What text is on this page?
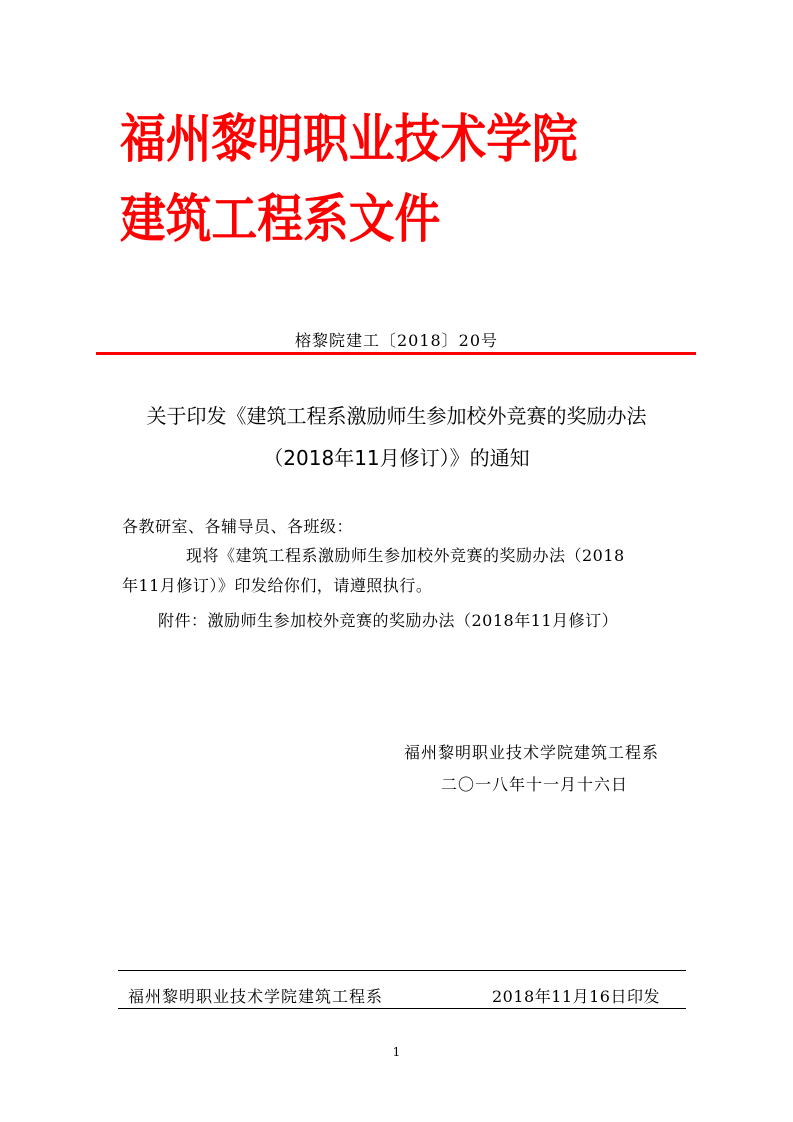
福州黎明职业技术学院建筑工程系文件
榕黎院建工〔2018〕20号
关于印发《建筑工程系激励师生参加校外竞赛的奖励办法
（2018年11月修订）》的通知
各教研室、各辅导员、各班级：
现将《建筑工程系激励师生参加校外竞赛的奖励办法（2018
年11月修订）》印发给你们，请遵照执行。
附件：激励师生参加校外竞赛的奖励办法（2018年11月修订）
福州黎明职业技术学院建筑工程系
二〇一八年十一月十六日
福州黎明职业技术学院建筑工程系	2018年11月16日印发
1
